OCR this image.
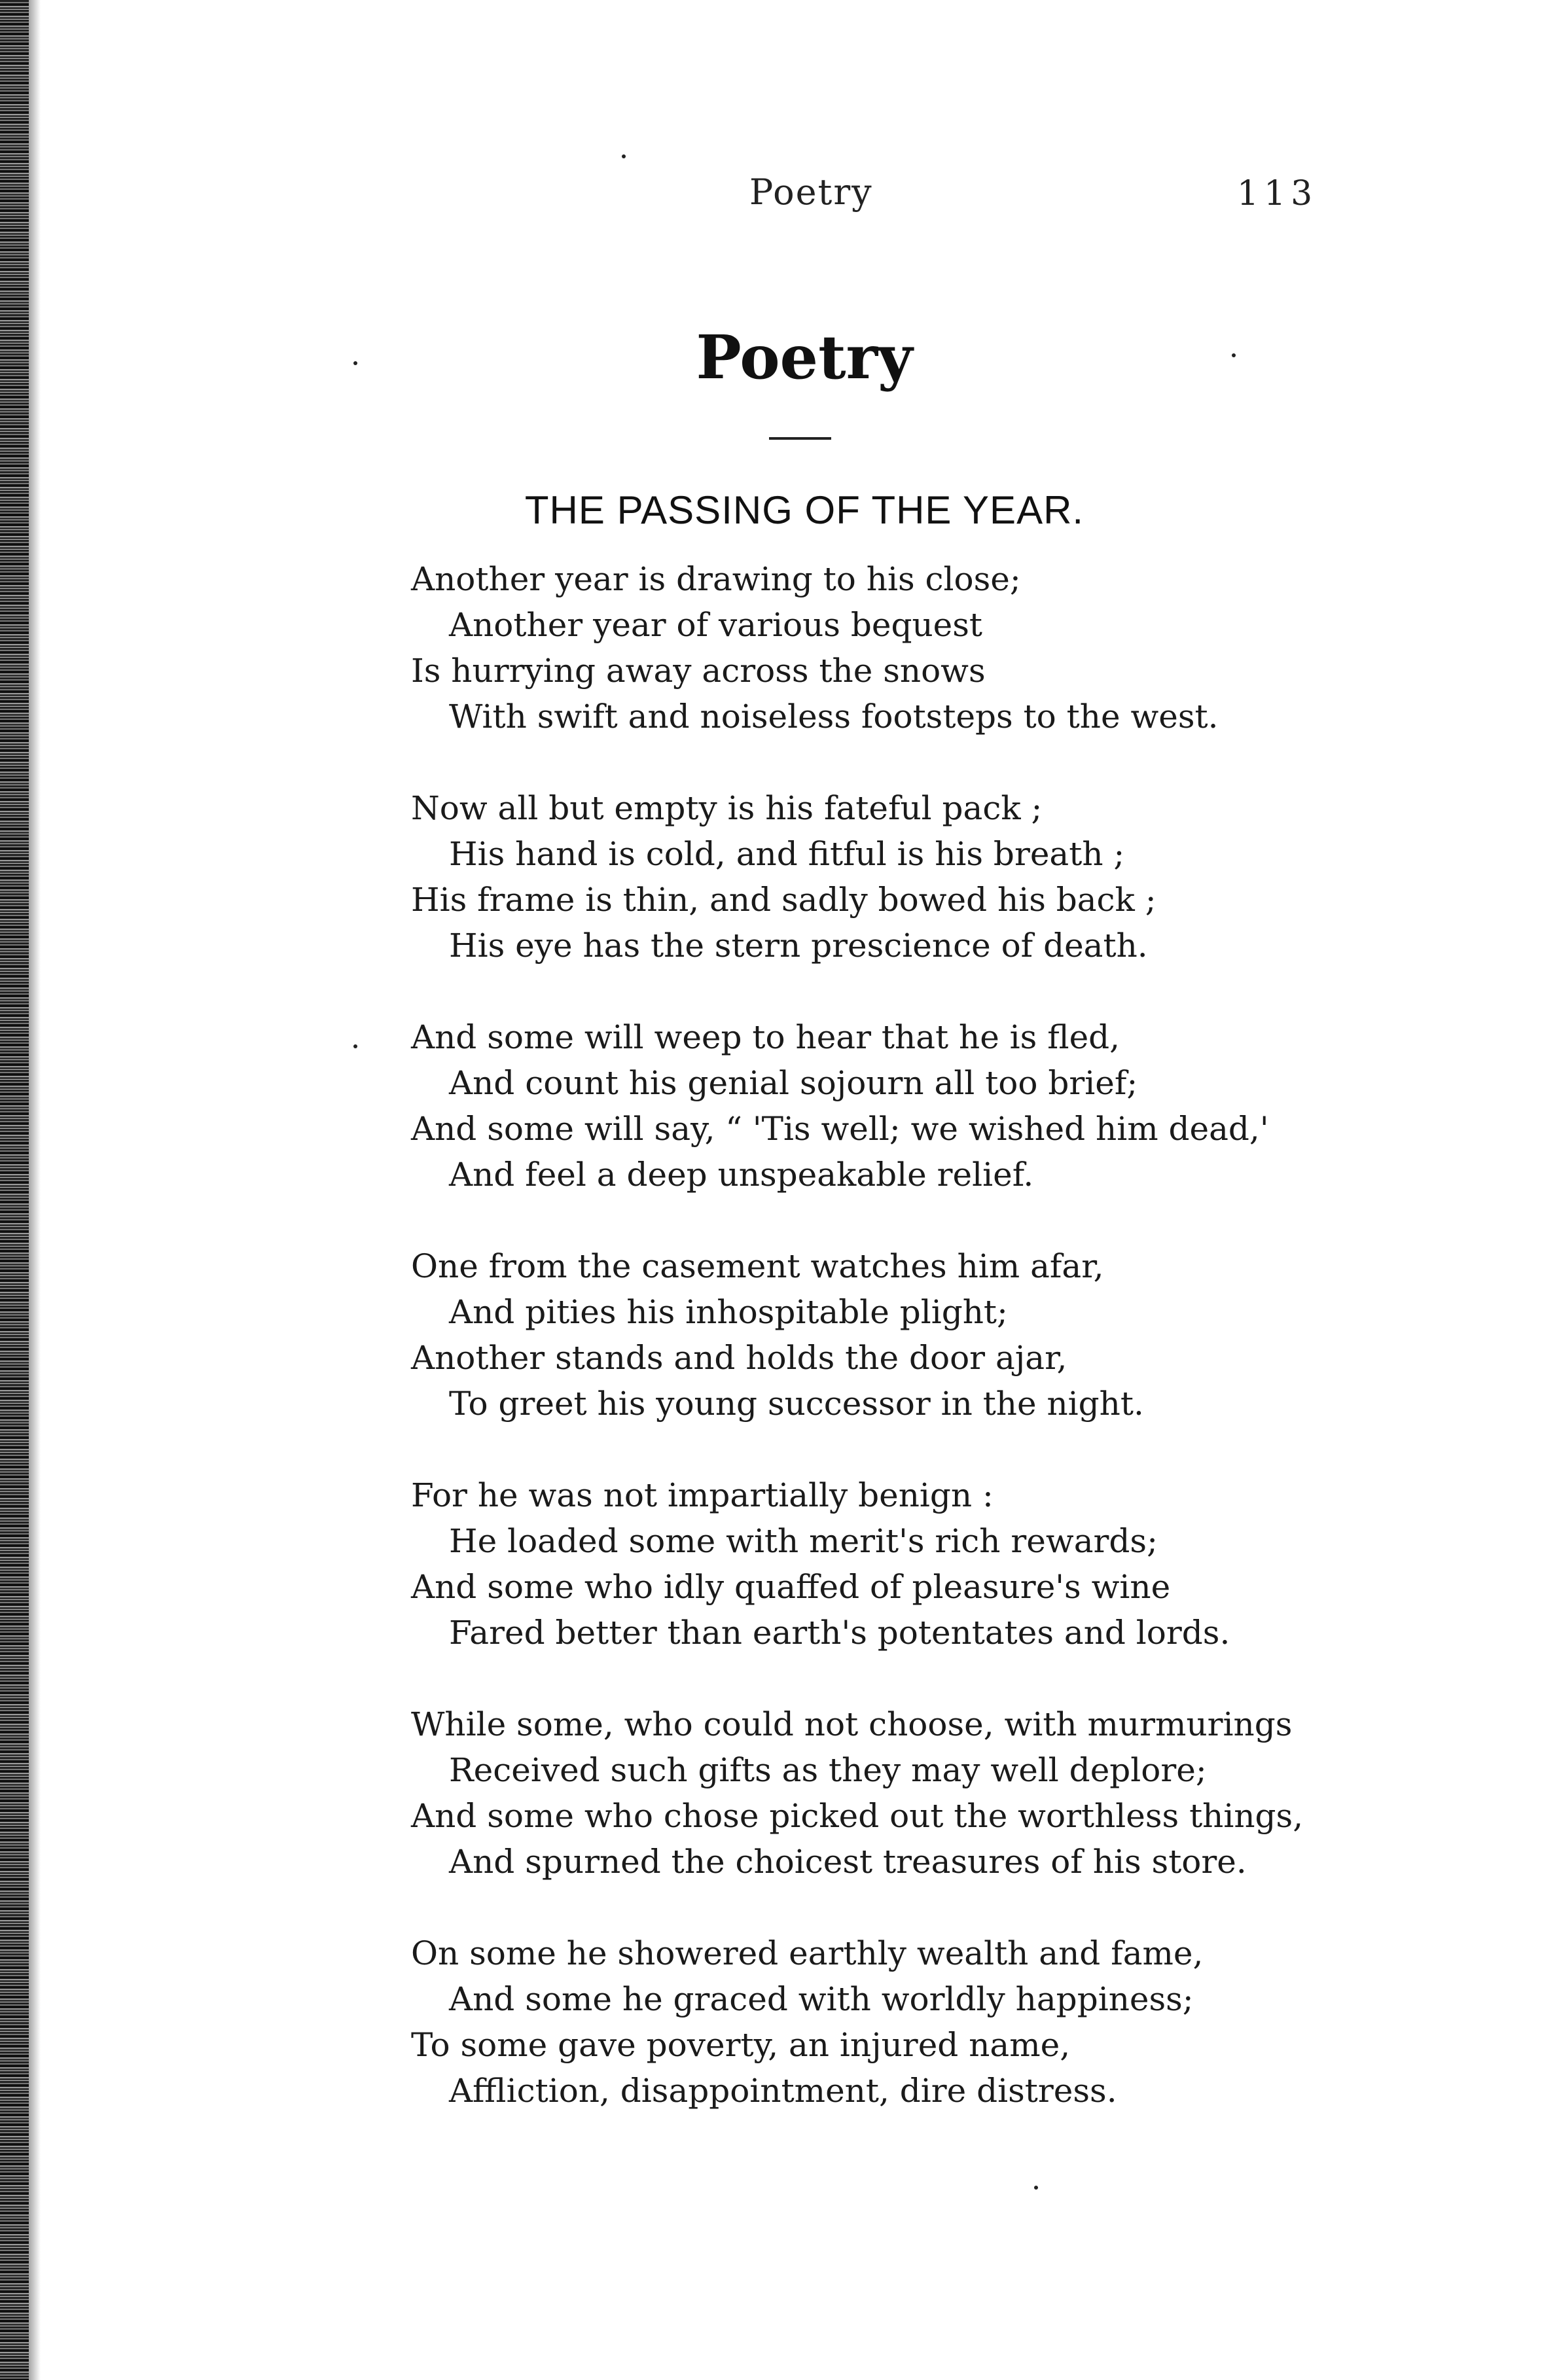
Poetry	113
Poetry
THE PASSING OF THE YEAR.
Another year is drawing to his close;
Another year of various bequest
Is hurrying away across the snows
With swift and noiseless footsteps to the west.
Now all but empty is his fateful pack ;
His hand is cold, and fitful is his breath ;
His frame is thin, and sadly bowed his back ;
His eye has the stern prescience of death.
And some will weep to hear that he is fled,
And count his genial sojourn all too brief;
And some will say, “ 'Tis well; we wished him dead,'
And feel a deep unspeakable relief.
One from the casement watches him afar,
And pities his inhospitable plight;
Another stands and holds the door ajar,
To greet his young successor in the night.
For he was not impartially benign :
He loaded some with merit's rich rewards;
And some who idly quaffed of pleasure's wine
Fared better than earth's potentates and lords.
While some, who could not choose, with murmurings
Received such gifts as they may well deplore;
And some who chose picked out the worthless things,
And spurned the choicest treasures of his store.
On some he showered earthly wealth and fame,
And some he graced with worldly happiness;
To some gave poverty, an injured name,
Affliction, disappointment, dire distress.
